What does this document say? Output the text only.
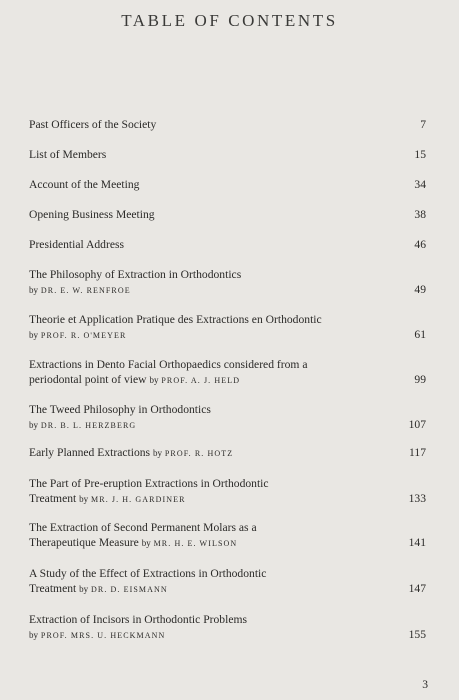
TABLE OF CONTENTS
Past Officers of the Society	7
List of Members	15
Account of the Meeting	34
Opening Business Meeting	38
Presidential Address	46
The Philosophy of Extraction in Orthodontics
by DR. E. W. RENFROE	49
Theorie et Application Pratique des Extractions en Orthodontic
by PROF. R. O'MEYER	61
Extractions in Dento Facial Orthopaedics considered from a
periodontal point of view by PROF. A. J. HELD	99
The Tweed Philosophy in Orthodontics
by DR. B. L. HERZBERG	107
Early Planned Extractions by PROF. R. HOTZ	117
The Part of Pre-eruption Extractions in Orthodontic
Treatment by MR. J. H. GARDINER	133
The Extraction of Second Permanent Molars as a
Therapeutique Measure by MR. H. E. WILSON	141
A Study of the Effect of Extractions in Orthodontic
Treatment by DR. D. EISMANN	147
Extraction of Incisors in Orthodontic Problems
by PROF. MRS. U. HECKMANN	155
3
